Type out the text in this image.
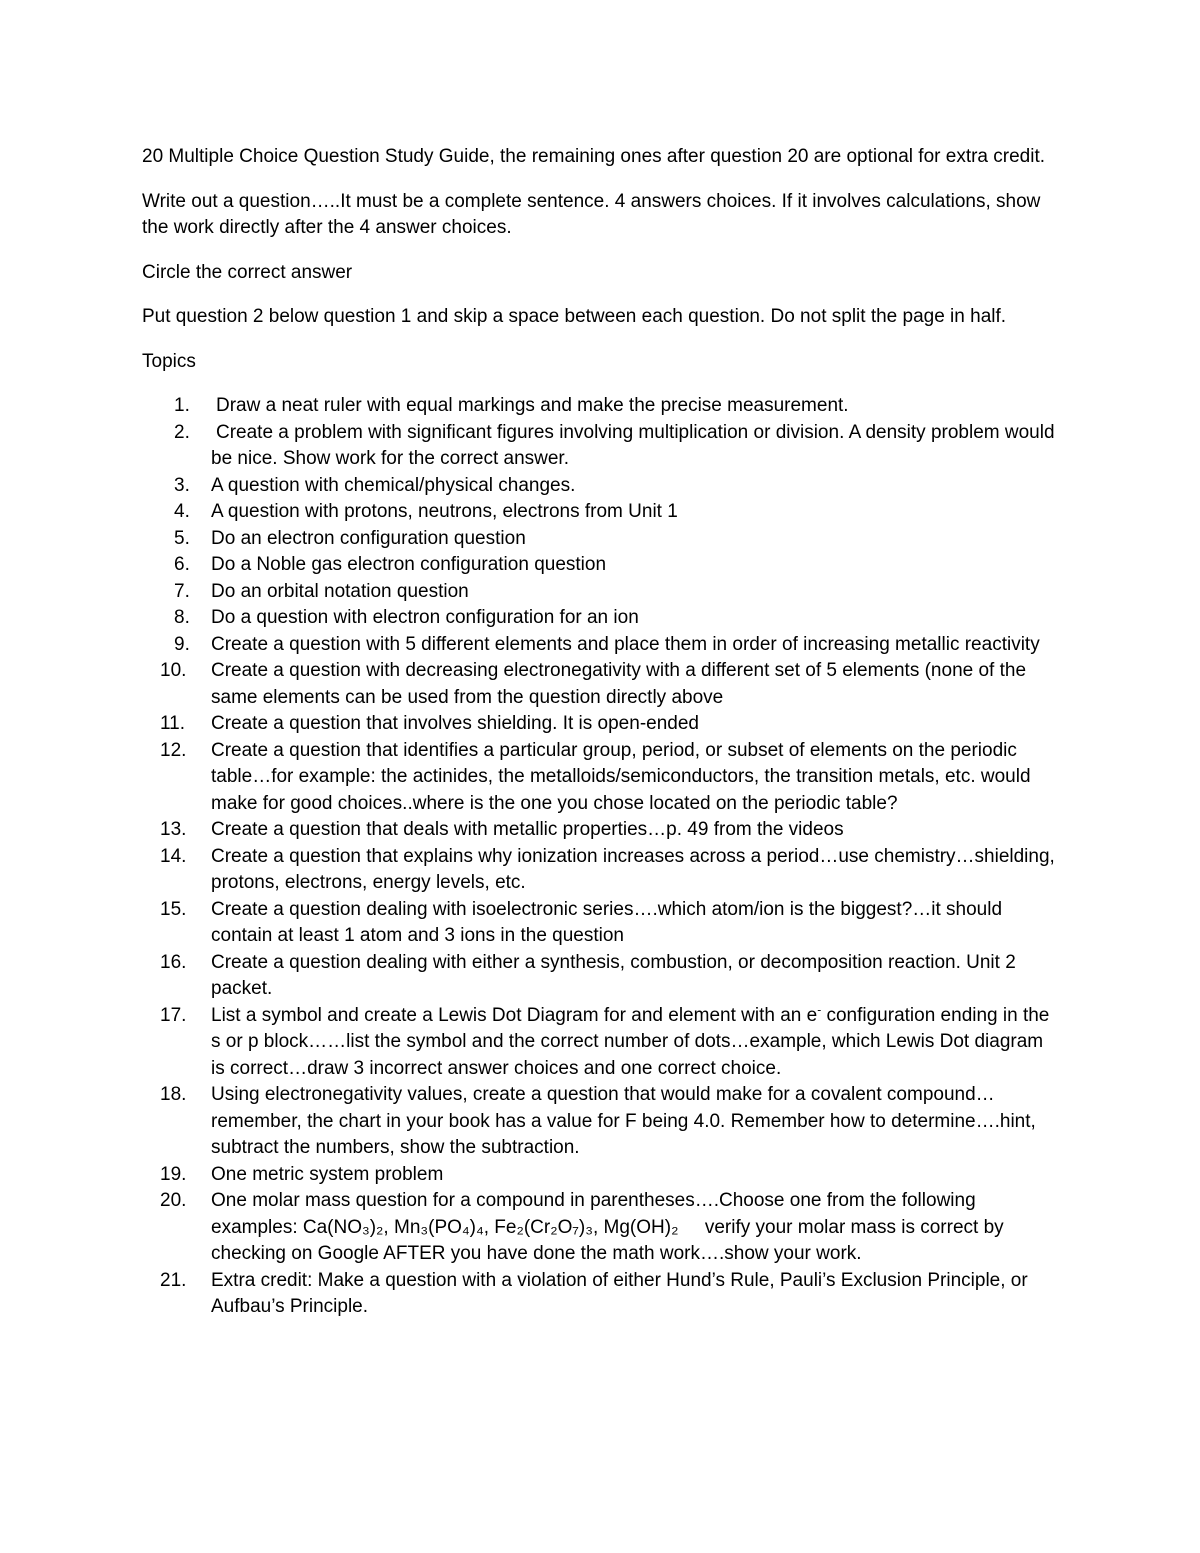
20 Multiple Choice Question Study Guide, the remaining ones after question 20 are optional for extra credit.

Write out a question…..It must be a complete sentence. 4 answers choices. If it involves calculations, show the work directly after the 4 answer choices.

Circle the correct answer

Put question 2 below question 1 and skip a space between each question. Do not split the page in half.

Topics

1.	Draw a neat ruler with equal markings and make the precise measurement.
2.	Create a problem with significant figures involving multiplication or division. A density problem would be nice. Show work for the correct answer.
3.	A question with chemical/physical changes.
4.	A question with protons, neutrons, electrons from Unit 1
5.	Do an electron configuration question
6.	Do a Noble gas electron configuration question
7.	Do an orbital notation question
8.	Do a question with electron configuration for an ion
9.	Create a question with 5 different elements and place them in order of increasing metallic reactivity
10.	Create a question with decreasing electronegativity with a different set of 5 elements (none of the same elements can be used from the question directly above
11.	Create a question that involves shielding. It is open-ended
12.	Create a question that identifies a particular group, period, or subset of elements on the periodic table…for example: the actinides, the metalloids/semiconductors, the transition metals, etc. would make for good choices..where is the one you chose located on the periodic table?
13.	Create a question that deals with metallic properties…p. 49 from the videos
14.	Create a question that explains why ionization increases across a period…use chemistry…shielding, protons, electrons, energy levels, etc.
15.	Create a question dealing with isoelectronic series….which atom/ion is the biggest?…it should contain at least 1 atom and 3 ions in the question
16.	Create a question dealing with either a synthesis, combustion, or decomposition reaction. Unit 2 packet.
17.	List a symbol and create a Lewis Dot Diagram for and element with an e- configuration ending in the s or p block……list the symbol and the correct number of dots…example, which Lewis Dot diagram is correct…draw 3 incorrect answer choices and one correct choice.
18.	Using electronegativity values, create a question that would make for a covalent compound…remember, the chart in your book has a value for F being 4.0. Remember how to determine….hint, subtract the numbers, show the subtraction.
19.	One metric system problem
20.	One molar mass question for a compound in parentheses….Choose one from the following examples: Ca(NO₃)₂, Mn₃(PO₄)₄, Fe₂(Cr₂O₇)₃, Mg(OH)₂     verify your molar mass is correct by checking on Google AFTER you have done the math work….show your work.
21.	Extra credit: Make a question with a violation of either Hund’s Rule, Pauli’s Exclusion Principle, or Aufbau’s Principle.
